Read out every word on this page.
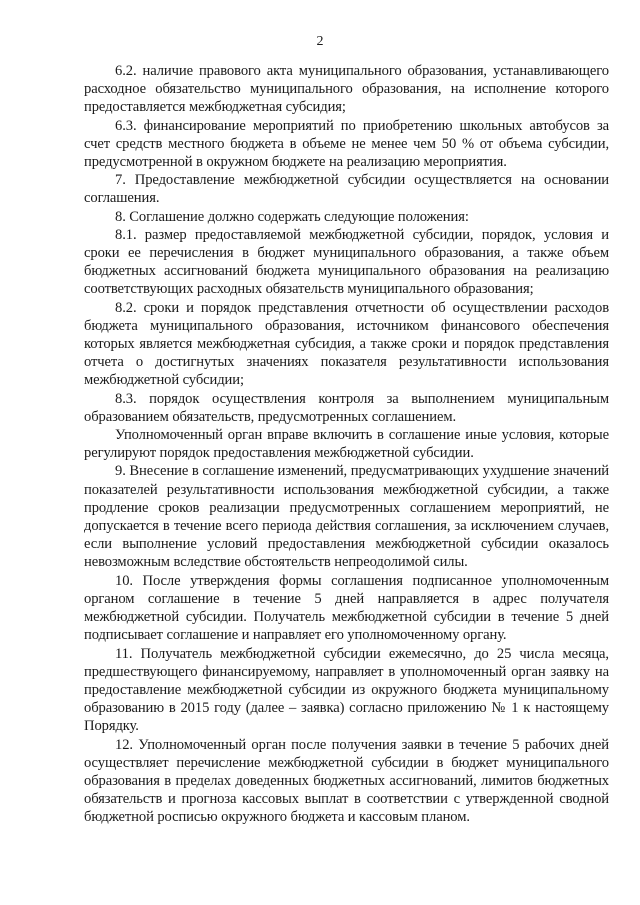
2

6.2. наличие правового акта муниципального образования, устанавливающего расходное обязательство муниципального образования, на исполнение которого предоставляется межбюджетная субсидия;

6.3. финансирование мероприятий по приобретению школьных автобусов за счет средств местного бюджета в объеме не менее чем 50 % от объема субсидии, предусмотренной в окружном бюджете на реализацию мероприятия.

7. Предоставление межбюджетной субсидии осуществляется на основании соглашения.

8. Соглашение должно содержать следующие положения:

8.1. размер предоставляемой межбюджетной субсидии, порядок, условия и сроки ее перечисления в бюджет муниципального образования, а также объем бюджетных ассигнований бюджета муниципального образования на реализацию соответствующих расходных обязательств муниципального образования;

8.2. сроки и порядок представления отчетности об осуществлении расходов бюджета муниципального образования, источником финансового обеспечения которых является межбюджетная субсидия, а также сроки и порядок представления отчета о достигнутых значениях показателя результативности использования межбюджетной субсидии;

8.3. порядок осуществления контроля за выполнением муниципальным образованием обязательств, предусмотренных соглашением.

Уполномоченный орган вправе включить в соглашение иные условия, которые регулируют порядок предоставления межбюджетной субсидии.

9. Внесение в соглашение изменений, предусматривающих ухудшение значений показателей результативности использования межбюджетной субсидии, а также продление сроков реализации предусмотренных соглашением мероприятий, не допускается в течение всего периода действия соглашения, за исключением случаев, если выполнение условий предоставления межбюджетной субсидии оказалось невозможным вследствие обстоятельств непреодолимой силы.

10. После утверждения формы соглашения подписанное уполномоченным органом соглашение в течение 5 дней направляется в адрес получателя межбюджетной субсидии. Получатель межбюджетной субсидии в течение 5 дней подписывает соглашение и направляет его уполномоченному органу.

11. Получатель межбюджетной субсидии ежемесячно, до 25 числа месяца, предшествующего финансируемому, направляет в уполномоченный орган заявку на предоставление межбюджетной субсидии из окружного бюджета муниципальному образованию в 2015 году (далее – заявка) согласно приложению № 1 к настоящему Порядку.

12. Уполномоченный орган после получения заявки в течение 5 рабочих дней осуществляет перечисление межбюджетной субсидии в бюджет муниципального образования в пределах доведенных бюджетных ассигнований, лимитов бюджетных обязательств и прогноза кассовых выплат в соответствии с утвержденной сводной бюджетной росписью окружного бюджета и кассовым планом.
